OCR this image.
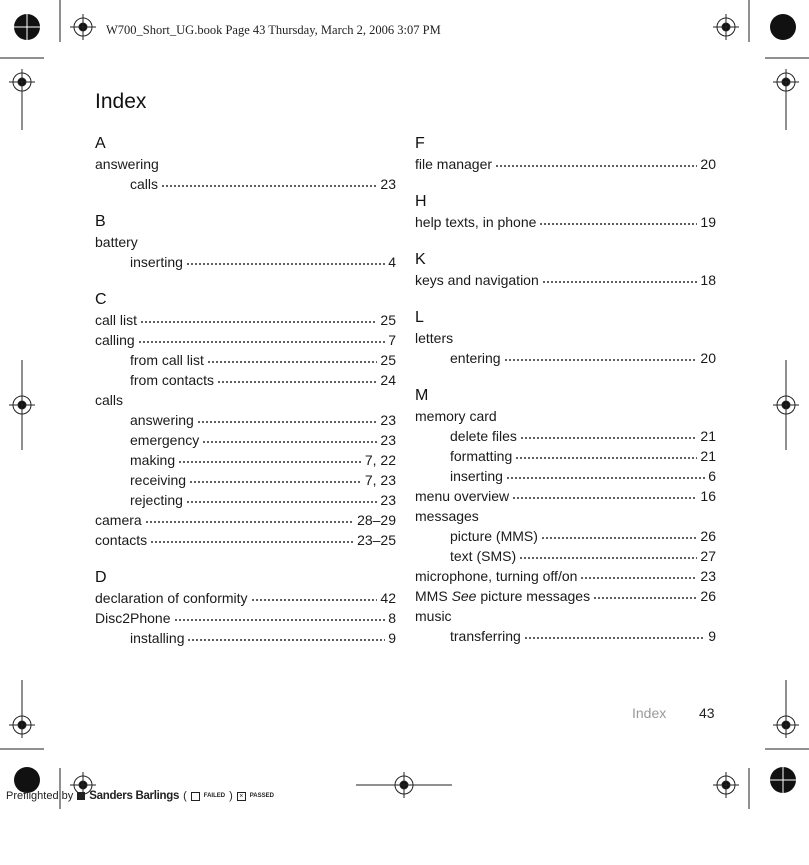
W700_Short_UG.book Page 43 Thursday, March 2, 2006 3:07 PM
Index
A
answering
calls	23
B
battery
inserting	4
C
call list	25
calling	7
from call list	25
from contacts	24
calls
answering	23
emergency	23
making	7, 22
receiving	7, 23
rejecting	23
camera	28–29
contacts	23–25
D
declaration of conformity	42
Disc2Phone	8
installing	9
F
file manager	20
H
help texts, in phone	19
K
keys and navigation	18
L
letters
entering	20
M
memory card
delete files	21
formatting	21
inserting	6
menu overview	16
messages
picture (MMS)	26
text (SMS)	27
microphone, turning off/on	23
MMS See picture messages	26
music
transferring	9
Index 43
Preflighted by Sanders Barlings (	FAILED ) ×	PASSED
